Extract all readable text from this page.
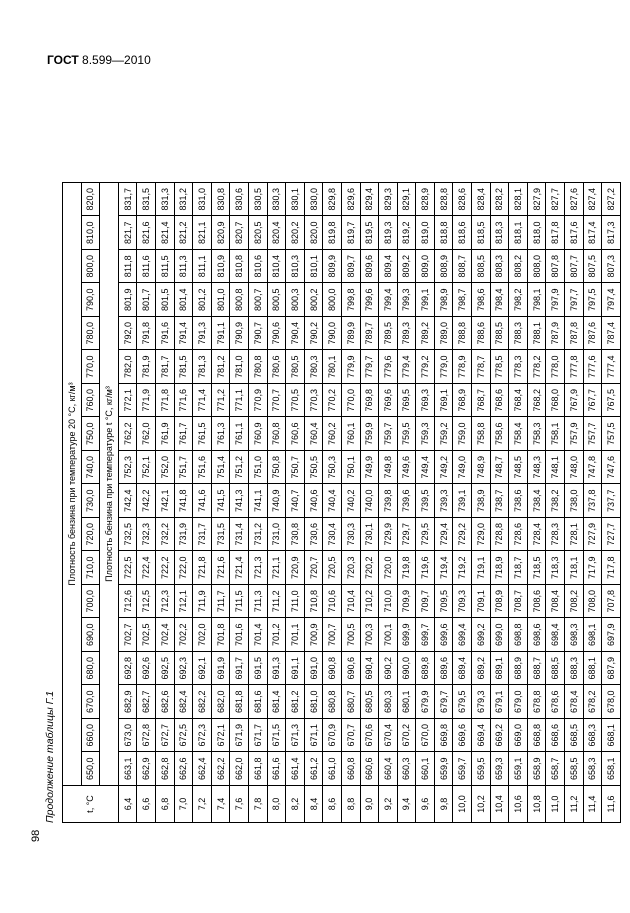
ГОСТ 8.599—2010
Продолжение таблицы Г.1	t, °C	Плотность бензина при температуре 20 °С, кг/м³																	
	650,0	660,0	670,0	680,0	690,0	700,0	710,0	720,0	730,0	740,0	750,0	760,0	770,0	780,0	790,0	800,0	810,0	820,0
	Плотность бензина при температуре t °С, кг/м³																	
6,4	663,1	673,0	682,9	692,8	702,7	712,6	722,5	732,5	742,4	752,3	762,2	772,1	782,0	792,0	801,9	811,8	821,7	831,7
6,6	662,9	672,8	682,7	692,6	702,5	712,5	722,4	732,3	742,2	752,1	762,0	771,9	781,9	791,8	801,7	811,6	821,6	831,5
6,8	662,8	672,7	682,6	692,5	702,4	712,3	722,2	732,2	742,1	752,0	761,9	771,8	781,7	791,6	801,5	811,5	821,4	831,3
7,0	662,6	672,5	682,4	692,3	702,2	712,1	722,0	731,9	741,8	751,7	761,7	771,6	781,5	791,4	801,4	811,3	821,2	831,2
7,2	662,4	672,3	682,2	692,1	702,0	711,9	721,8	731,7	741,6	751,6	761,5	771,4	781,3	791,3	801,2	811,1	821,1	831,0
7,4	662,2	672,1	682,0	691,9	701,8	711,7	721,6	731,5	741,5	751,4	761,3	771,2	781,2	791,1	801,0	810,9	820,9	830,8
7,6	662,0	671,9	681,8	691,7	701,6	711,5	721,4	731,4	741,3	751,2	761,1	771,1	781,0	790,9	800,8	810,8	820,7	830,6
7,8	661,8	671,7	681,6	691,5	701,4	711,3	721,3	731,2	741,1	751,0	760,9	770,9	780,8	790,7	800,7	810,6	820,5	830,5
8,0	661,6	671,5	681,4	691,3	701,2	711,2	721,1	731,0	740,9	750,8	760,8	770,7	780,6	790,6	800,5	810,4	820,4	830,3
8,2	661,4	671,3	681,2	691,1	701,1	711,0	720,9	730,8	740,7	750,7	760,6	770,5	780,5	790,4	800,3	810,3	820,2	830,1
8,4	661,2	671,1	681,0	691,0	700,9	710,8	720,7	730,6	740,6	750,5	760,4	770,3	780,3	790,2	800,2	810,1	820,0	830,0
8,6	661,0	670,9	680,8	690,8	700,7	710,6	720,5	730,4	740,4	750,3	760,2	770,2	780,1	790,0	800,0	809,9	819,8	829,8
8,8	660,8	670,7	680,7	690,6	700,5	710,4	720,3	730,3	740,2	750,1	760,1	770,0	779,9	789,9	799,8	809,7	819,7	829,6
9,0	660,6	670,6	680,5	690,4	700,3	710,2	720,2	730,1	740,0	749,9	759,9	769,8	779,7	789,7	799,6	809,6	819,5	829,4
9,2	660,4	670,4	680,3	690,2	700,1	710,0	720,0	729,9	739,8	749,8	759,7	769,6	779,6	789,5	799,4	809,4	819,3	829,3
9,4	660,3	670,2	680,1	690,0	699,9	709,9	719,8	729,7	739,6	749,6	759,5	769,5	779,4	789,3	799,3	809,2	819,2	829,1
9,6	660,1	670,0	679,9	689,8	699,7	709,7	719,6	729,5	739,5	749,4	759,3	769,3	779,2	789,2	799,1	809,0	819,0	828,9
9,8	659,9	669,8	679,7	689,6	699,6	709,5	719,4	729,4	739,3	749,2	759,2	769,1	779,0	789,0	798,9	808,9	818,8	828,8
10,0	659,7	669,6	679,5	689,4	699,4	709,3	719,2	729,2	739,1	749,0	759,0	768,9	778,9	788,8	798,7	808,7	818,6	828,6
10,2	659,5	669,4	679,3	689,2	699,2	709,1	719,1	729,0	738,9	748,9	758,8	768,7	778,7	788,6	798,6	808,5	818,5	828,4
10,4	659,3	669,2	679,1	689,1	699,0	708,9	718,9	728,8	738,7	748,7	758,6	768,6	778,5	788,5	798,4	808,3	818,3	828,2
10,6	659,1	669,0	679,0	688,9	698,8	708,7	718,7	728,6	738,6	748,5	758,4	768,4	778,3	788,3	798,2	808,2	818,1	828,1
10,8	658,9	668,8	678,8	688,7	698,6	708,6	718,5	728,4	738,4	748,3	758,3	768,2	778,2	788,1	798,1	808,0	818,0	827,9
11,0	658,7	668,6	678,6	688,5	698,4	708,4	718,3	728,3	738,2	748,1	758,1	768,0	778,0	787,9	797,9	807,8	817,8	827,7
11,2	658,5	668,5	678,4	688,3	698,3	708,2	718,1	728,1	738,0	748,0	757,9	767,9	777,8	787,8	797,7	807,7	817,6	827,6
11,4	658,3	668,3	678,2	688,1	698,1	708,0	717,9	727,9	737,8	747,8	757,7	767,7	777,6	787,6	797,5	807,5	817,4	827,4
11,6	658,1	668,1	678,0	687,9	697,9	707,8	717,8	727,7	737,7	747,6	757,5	767,5	777,4	787,4	797,4	807,3	817,3	827,2
98
